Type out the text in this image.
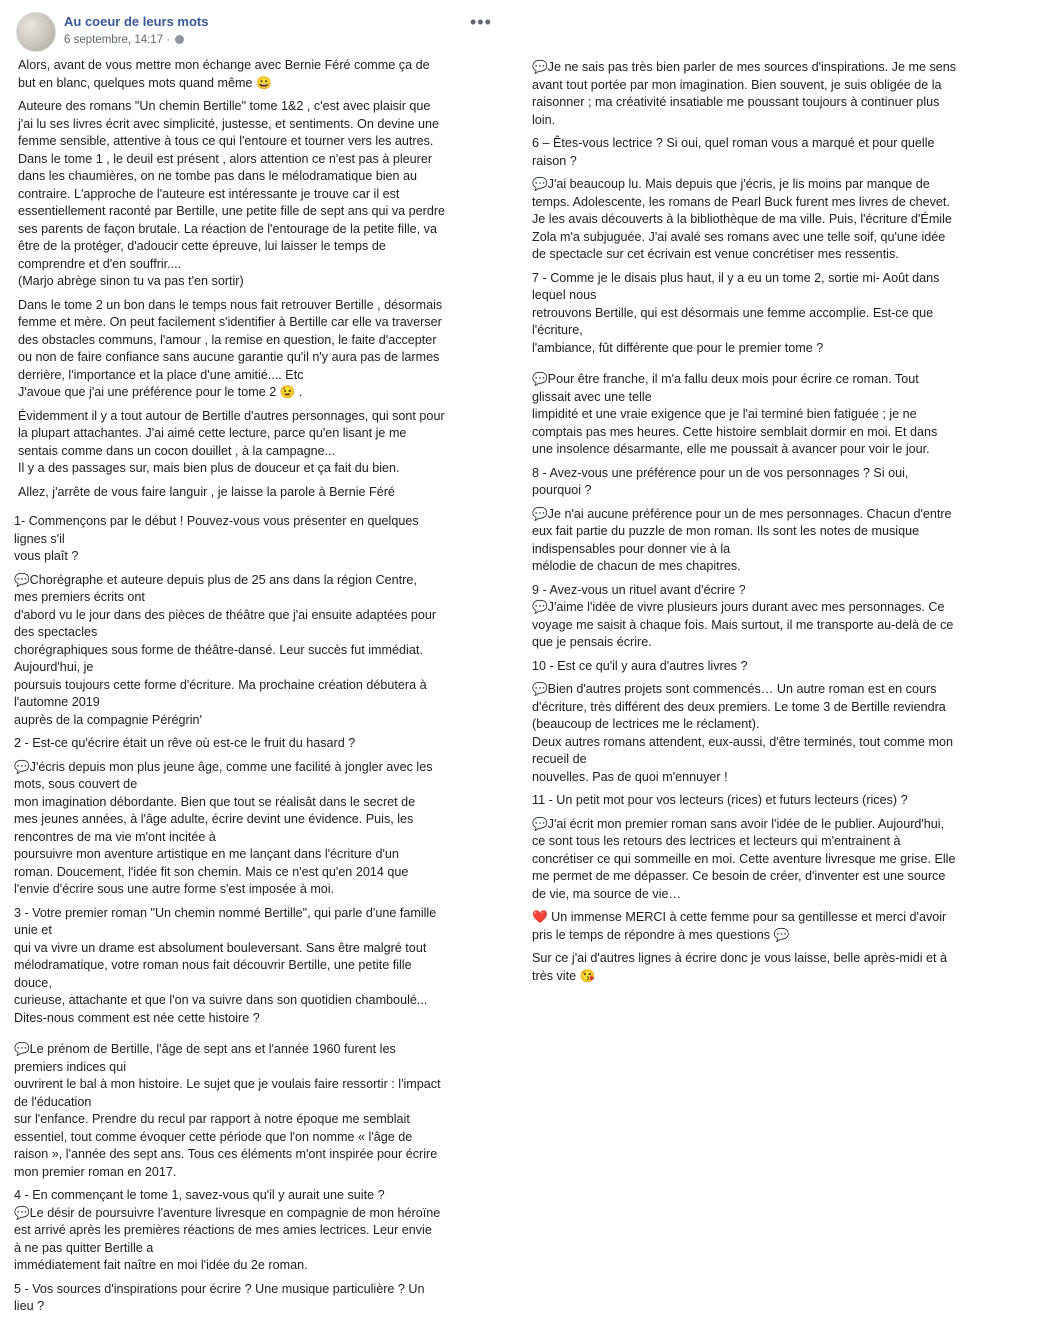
Au coeur de leurs mots
6 septembre, 14:17 ·
•••

Alors, avant de vous mettre mon échange avec Bernie Féré comme ça de
but en blanc, quelques mots quand même 😀

Auteure des romans "Un chemin Bertille" tome 1&2 , c'est avec plaisir que
j'ai lu ses livres écrit avec simplicité, justesse, et sentiments. On devine une
femme sensible, attentive à tous ce qui l'entoure et tourner vers les autres.
Dans le tome 1 , le deuil est présent , alors attention ce n'est pas à pleurer
dans les chaumières, on ne tombe pas dans le mélodramatique bien au
contraire. L'approche de l'auteure est intéressante je trouve car il est
essentiellement raconté par Bertille, une petite fille de sept ans qui va perdre
ses parents de façon brutale. La réaction de l'entourage de la petite fille, va
être de la protéger, d'adoucir cette épreuve, lui laisser le temps de
comprendre et d'en souffrir....
(Marjo abrège sinon tu va pas t'en sortir)

Dans le tome 2 un bon dans le temps nous fait retrouver Bertille , désormais
femme et mère. On peut facilement s'identifier à Bertille car elle va traverser
des obstacles communs, l'amour , la remise en question, le faite d'accepter
ou non de faire confiance sans aucune garantie qu'il n'y aura pas de larmes
derrière, l'importance et la place d'une amitié.... Etc
J'avoue que j'ai une préférence pour le tome 2 😉 .

Évidemment il y a tout autour de Bertille d'autres personnages, qui sont pour
la plupart attachantes. J'ai aimé cette lecture, parce qu'en lisant je me
sentais comme dans un cocon douillet , à la campagne...
Il y a des passages sur, mais bien plus de douceur et ça fait du bien.

Allez, j'arrête de vous faire languir , je laisse la parole à Bernie Féré

1- Commençons par le début ! Pouvez-vous vous présenter en quelques
lignes s'il
vous plaît ?

💬Chorégraphe et auteure depuis plus de 25 ans dans la région Centre,
mes premiers écrits ont
d'abord vu le jour dans des pièces de théâtre que j'ai ensuite adaptées pour
des spectacles
chorégraphiques sous forme de théâtre-dansé. Leur succès fut immédiat.
Aujourd'hui, je
poursuis toujours cette forme d'écriture. Ma prochaine création débutera à
l'automne 2019
auprès de la compagnie Pérégrin'

2 - Est-ce qu'écrire était un rêve où est-ce le fruit du hasard ?

💬J'écris depuis mon plus jeune âge, comme une facilité à jongler avec les
mots, sous couvert de
mon imagination débordante. Bien que tout se réalisât dans le secret de
mes jeunes années, à l'âge adulte, écrire devint une évidence. Puis, les
rencontres de ma vie m'ont incitée à
poursuivre mon aventure artistique en me lançant dans l'écriture d'un
roman. Doucement, l'idée fit son chemin. Mais ce n'est qu'en 2014 que
l'envie d'écrire sous une autre forme s'est imposée à moi.

3 - Votre premier roman "Un chemin nommé Bertille", qui parle d'une famille
unie et
qui va vivre un drame est absolument bouleversant. Sans être malgré tout
mélodramatique, votre roman nous fait découvrir Bertille, une petite fille
douce,
curieuse, attachante et que l'on va suivre dans son quotidien chamboulé...
Dites-nous comment est née cette histoire ?

💬Le prénom de Bertille, l'âge de sept ans et l'année 1960 furent les
premiers indices qui
ouvrirent le bal à mon histoire. Le sujet que je voulais faire ressortir : l'impact
de l'éducation
sur l'enfance. Prendre du recul par rapport à notre époque me semblait
essentiel, tout comme évoquer cette période que l'on nomme « l'âge de
raison », l'année des sept ans. Tous ces éléments m'ont inspirée pour écrire
mon premier roman en 2017.

4 - En commençant le tome 1, savez-vous qu'il y aurait une suite ?
💬Le désir de poursuivre l'aventure livresque en compagnie de mon héroïne
est arrivé après les premières réactions de mes amies lectrices. Leur envie
à ne pas quitter Bertille a
immédiatement fait naître en moi l'idée du 2e roman.

5 - Vos sources d'inspirations pour écrire ? Une musique particulière ? Un
lieu ?

💬Je ne sais pas très bien parler de mes sources d'inspirations. Je me sens
avant tout portée par mon imagination. Bien souvent, je suis obligée de la
raisonner ; ma créativité insatiable me poussant toujours à continuer plus
loin.

6 – Êtes-vous lectrice ? Si oui, quel roman vous a marqué et pour quelle
raison ?

💬J'ai beaucoup lu. Mais depuis que j'écris, je lis moins par manque de
temps. Adolescente, les romans de Pearl Buck furent mes livres de chevet.
Je les avais découverts à la bibliothèque de ma ville. Puis, l'écriture d'Émile
Zola m'a subjuguée. J'ai avalé ses romans avec une telle soif, qu'une idée
de spectacle sur cet écrivain est venue concrétiser mes ressentis.

7 - Comme je le disais plus haut, il y a eu un tome 2, sortie mi- Août dans
lequel nous
retrouvons Bertille, qui est désormais une femme accomplie. Est-ce que
l'écriture,
l'ambiance, fût différente que pour le premier tome ?

💬Pour être franche, il m'a fallu deux mois pour écrire ce roman. Tout
glissait avec une telle
limpidité et une vraie exigence que je l'ai terminé bien fatiguée ; je ne
comptais pas mes heures. Cette histoire semblait dormir en moi. Et dans
une insolence désarmante, elle me poussait à avancer pour voir le jour.

8 - Avez-vous une préférence pour un de vos personnages ? Si oui,
pourquoi ?

💬Je n'ai aucune préférence pour un de mes personnages. Chacun d'entre
eux fait partie du puzzle de mon roman. Ils sont les notes de musique
indispensables pour donner vie à la
mélodie de chacun de mes chapitres.

9 - Avez-vous un rituel avant d'écrire ?
💬J'aime l'idée de vivre plusieurs jours durant avec mes personnages. Ce
voyage me saisit à chaque fois. Mais surtout, il me transporte au-delà de ce
que je pensais écrire.

10 - Est ce qu'il y aura d'autres livres ?

💬Bien d'autres projets sont commencés… Un autre roman est en cours
d'écriture, très différent des deux premiers. Le tome 3 de Bertille reviendra
(beaucoup de lectrices me le réclament).
Deux autres romans attendent, eux-aussi, d'être terminés, tout comme mon
recueil de
nouvelles. Pas de quoi m'ennuyer !

11 - Un petit mot pour vos lecteurs (rices) et futurs lecteurs (rices) ?

💬J'ai écrit mon premier roman sans avoir l'idée de le publier. Aujourd'hui,
ce sont tous les retours des lectrices et lecteurs qui m'entrainent à
concrétiser ce qui sommeille en moi. Cette aventure livresque me grise. Elle
me permet de me dépasser. Ce besoin de créer, d'inventer est une source
de vie, ma source de vie…

❤️ Un immense MERCI à cette femme pour sa gentillesse et merci d'avoir
pris le temps de répondre à mes questions 💬

Sur ce j'ai d'autres lignes à écrire donc je vous laisse, belle après-midi et à
très vite 😘
